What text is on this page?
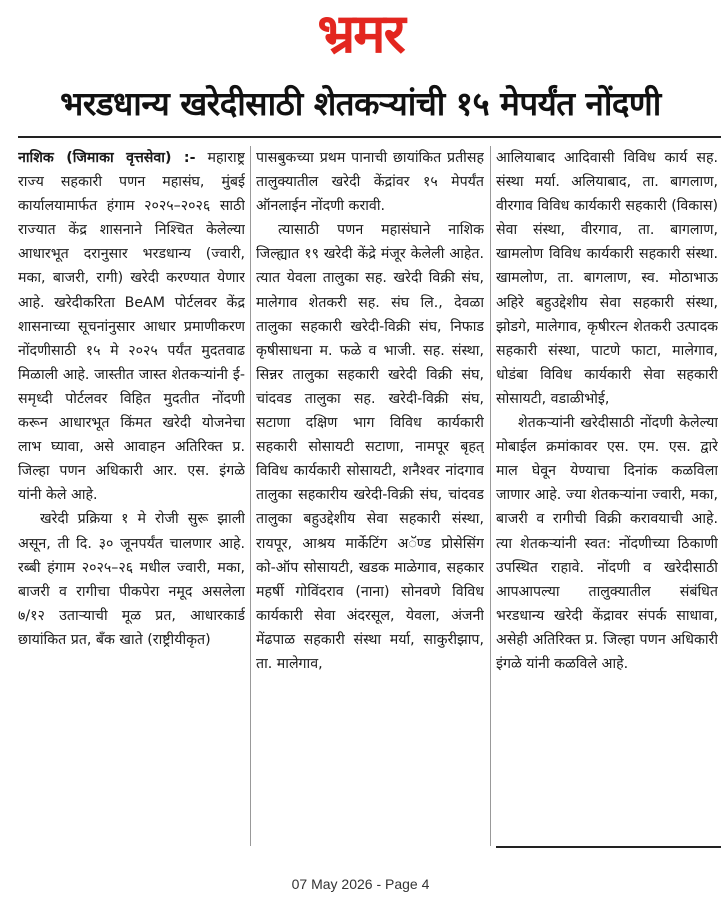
भ्रमर
भरडधान्य खरेदीसाठी शेतकऱ्यांची १५ मेपर्यंत नोंदणी

नाशिक (जिमाका वृत्तसेवा) :- महाराष्ट्र राज्य सहकारी पणन महासंघ, मुंबई कार्यालयामार्फत हंगाम २०२५–२०२६ साठी राज्यात केंद्र शासनाने निश्चित केलेल्या आधारभूत दरानुसार भरडधान्य (ज्वारी, मका, बाजरी, रागी) खरेदी करण्यात येणार आहे. खरेदीकरिता BeAM पोर्टलवर केंद्र शासनाच्या सूचनांनुसार आधार प्रमाणीकरण नोंदणीसाठी १५ मे २०२५ पर्यंत मुदतवाढ मिळाली आहे. जास्तीत जास्त शेतकऱ्यांनी ई-समृध्दी पोर्टलवर विहित मुदतीत नोंदणी करून आधारभूत किंमत खरेदी योजनेचा लाभ घ्यावा, असे आवाहन अतिरिक्त प्र. जिल्हा पणन अधिकारी आर. एस. इंगळे यांनी केले आहे.

खरेदी प्रक्रिया १ मे रोजी सुरू झाली असून, ती दि. ३० जूनपर्यंत चालणार आहे. रब्बी हंगाम २०२५–२६ मधील ज्वारी, मका, बाजरी व रागीचा पीकपेरा नमूद असलेला ७/१२ उताऱ्याची मूळ प्रत, आधारकार्ड छायांकित प्रत, बँक खाते (राष्ट्रीयीकृत)

पासबुकच्या प्रथम पानाची छायांकित प्रतीसह तालुक्यातील खरेदी केंद्रांवर १५ मेपर्यंत ऑनलाईन नोंदणी करावी.

त्यासाठी पणन महासंघाने नाशिक जिल्ह्यात १९ खरेदी केंद्रे मंजूर केलेली आहेत. त्यात येवला तालुका सह. खरेदी विक्री संघ, मालेगाव शेतकरी सह. संघ लि., देवळा तालुका सहकारी खरेदी-विक्री संघ, निफाड कृषीसाधना म. फळे व भाजी. सह. संस्था, सिन्नर तालुका सहकारी खरेदी विक्री संघ, चांदवड तालुका सह. खरेदी-विक्री संघ, सटाणा दक्षिण भाग विविध कार्यकारी सहकारी सोसायटी सटाणा, नामपूर बृहत् विविध कार्यकारी सोसायटी, शनैश्वर नांदगाव तालुका सहकारीय खरेदी-विक्री संघ, चांदवड तालुका बहुउद्देशीय सेवा सहकारी संस्था, रायपूर, आश्रय मार्केटिंग अॅण्ड प्रोसेसिंग को-ऑप सोसायटी, खडक माळेगाव, सहकार महर्षी गोविंदराव (नाना) सोनवणे विविध कार्यकारी सेवा अंदरसूल, येवला, अंजनी मेंढपाळ सहकारी संस्था मर्या, साकुरीझाप, ता. मालेगाव,

आलियाबाद आदिवासी विविध कार्य सह. संस्था मर्या. अलियाबाद, ता. बागलाण, वीरगाव विविध कार्यकारी सहकारी (विकास) सेवा संस्था, वीरगाव, ता. बागलाण, खामलोण विविध कार्यकारी सहकारी संस्था. खामलोण, ता. बागलाण, स्व. मोठाभाऊ अहिरे बहुउद्देशीय सेवा सहकारी संस्था, झोडगे, मालेगाव, कृषीरत्न शेतकरी उत्पादक सहकारी संस्था, पाटणे फाटा, मालेगाव, धोडंबा विविध कार्यकारी सेवा सहकारी सोसायटी, वडाळीभोई,

शेतकऱ्यांनी खरेदीसाठी नोंदणी केलेल्या मोबाईल क्रमांकावर एस. एम. एस. द्वारे माल घेवून येण्याचा दिनांक कळविला जाणार आहे. ज्या शेतकऱ्यांना ज्वारी, मका, बाजरी व रागीची विक्री करावयाची आहे. त्या शेतकऱ्यांनी स्वत: नोंदणीच्या ठिकाणी उपस्थित राहावे. नोंदणी व खरेदीसाठी आपआपल्या तालुक्यातील संबंधित भरडधान्य खरेदी केंद्रावर संपर्क साधावा, असेही अतिरिक्त प्र. जिल्हा पणन अधिकारी इंगळे यांनी कळविले आहे.

07 May 2026 - Page 4
